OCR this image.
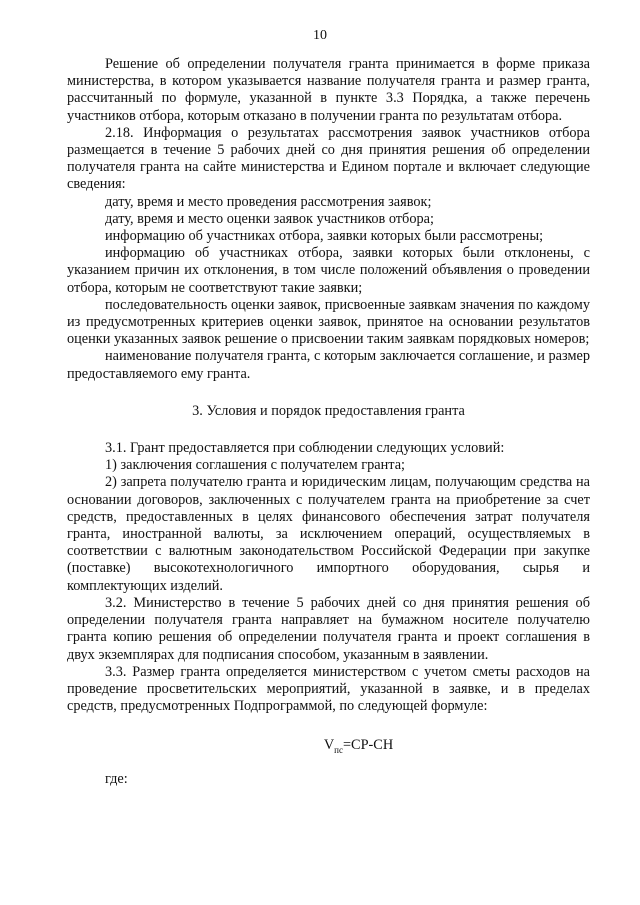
10

Решение об определении получателя гранта принимается в форме приказа министерства, в котором указывается название получателя гранта и размер гранта, рассчитанный по формуле, указанной в пункте 3.3 Порядка, а также перечень участников отбора, которым отказано в получении гранта по результатам отбора.

2.18. Информация о результатах рассмотрения заявок участников отбора размещается в течение 5 рабочих дней со дня принятия решения об определении получателя гранта на сайте министерства и Едином портале и включает следующие сведения:

дату, время и место проведения рассмотрения заявок;

дату, время и место оценки заявок участников отбора;

информацию об участниках отбора, заявки которых были рассмотрены;

информацию об участниках отбора, заявки которых были отклонены, с указанием причин их отклонения, в том числе положений объявления о проведении отбора, которым не соответствуют такие заявки;

последовательность оценки заявок, присвоенные заявкам значения по каждому из предусмотренных критериев оценки заявок, принятое на основании результатов оценки указанных заявок решение о присвоении таким заявкам порядковых номеров;

наименование получателя гранта, с которым заключается соглашение, и размер предоставляемого ему гранта.

3. Условия и порядок предоставления гранта

3.1. Грант предоставляется при соблюдении следующих условий:

1) заключения соглашения с получателем гранта;

2) запрета получателю гранта и юридическим лицам, получающим средства на основании договоров, заключенных с получателем гранта на приобретение за счет средств, предоставленных в целях финансового обеспечения затрат получателя гранта, иностранной валюты, за исключением операций, осуществляемых в соответствии с валютным законодательством Российской Федерации при закупке (поставке) высокотехнологичного импортного оборудования, сырья и комплектующих изделий.

3.2. Министерство в течение 5 рабочих дней со дня принятия решения об определении получателя гранта направляет на бумажном носителе получателю гранта копию решения об определении получателя гранта и проект соглашения в двух экземплярах для подписания способом, указанным в заявлении.

3.3. Размер гранта определяется министерством с учетом сметы расходов на проведение просветительских мероприятий, указанной в заявке, и в пределах средств, предусмотренных Подпрограммой, по следующей формуле:

$V_{пс}=СР-СН$

где:
